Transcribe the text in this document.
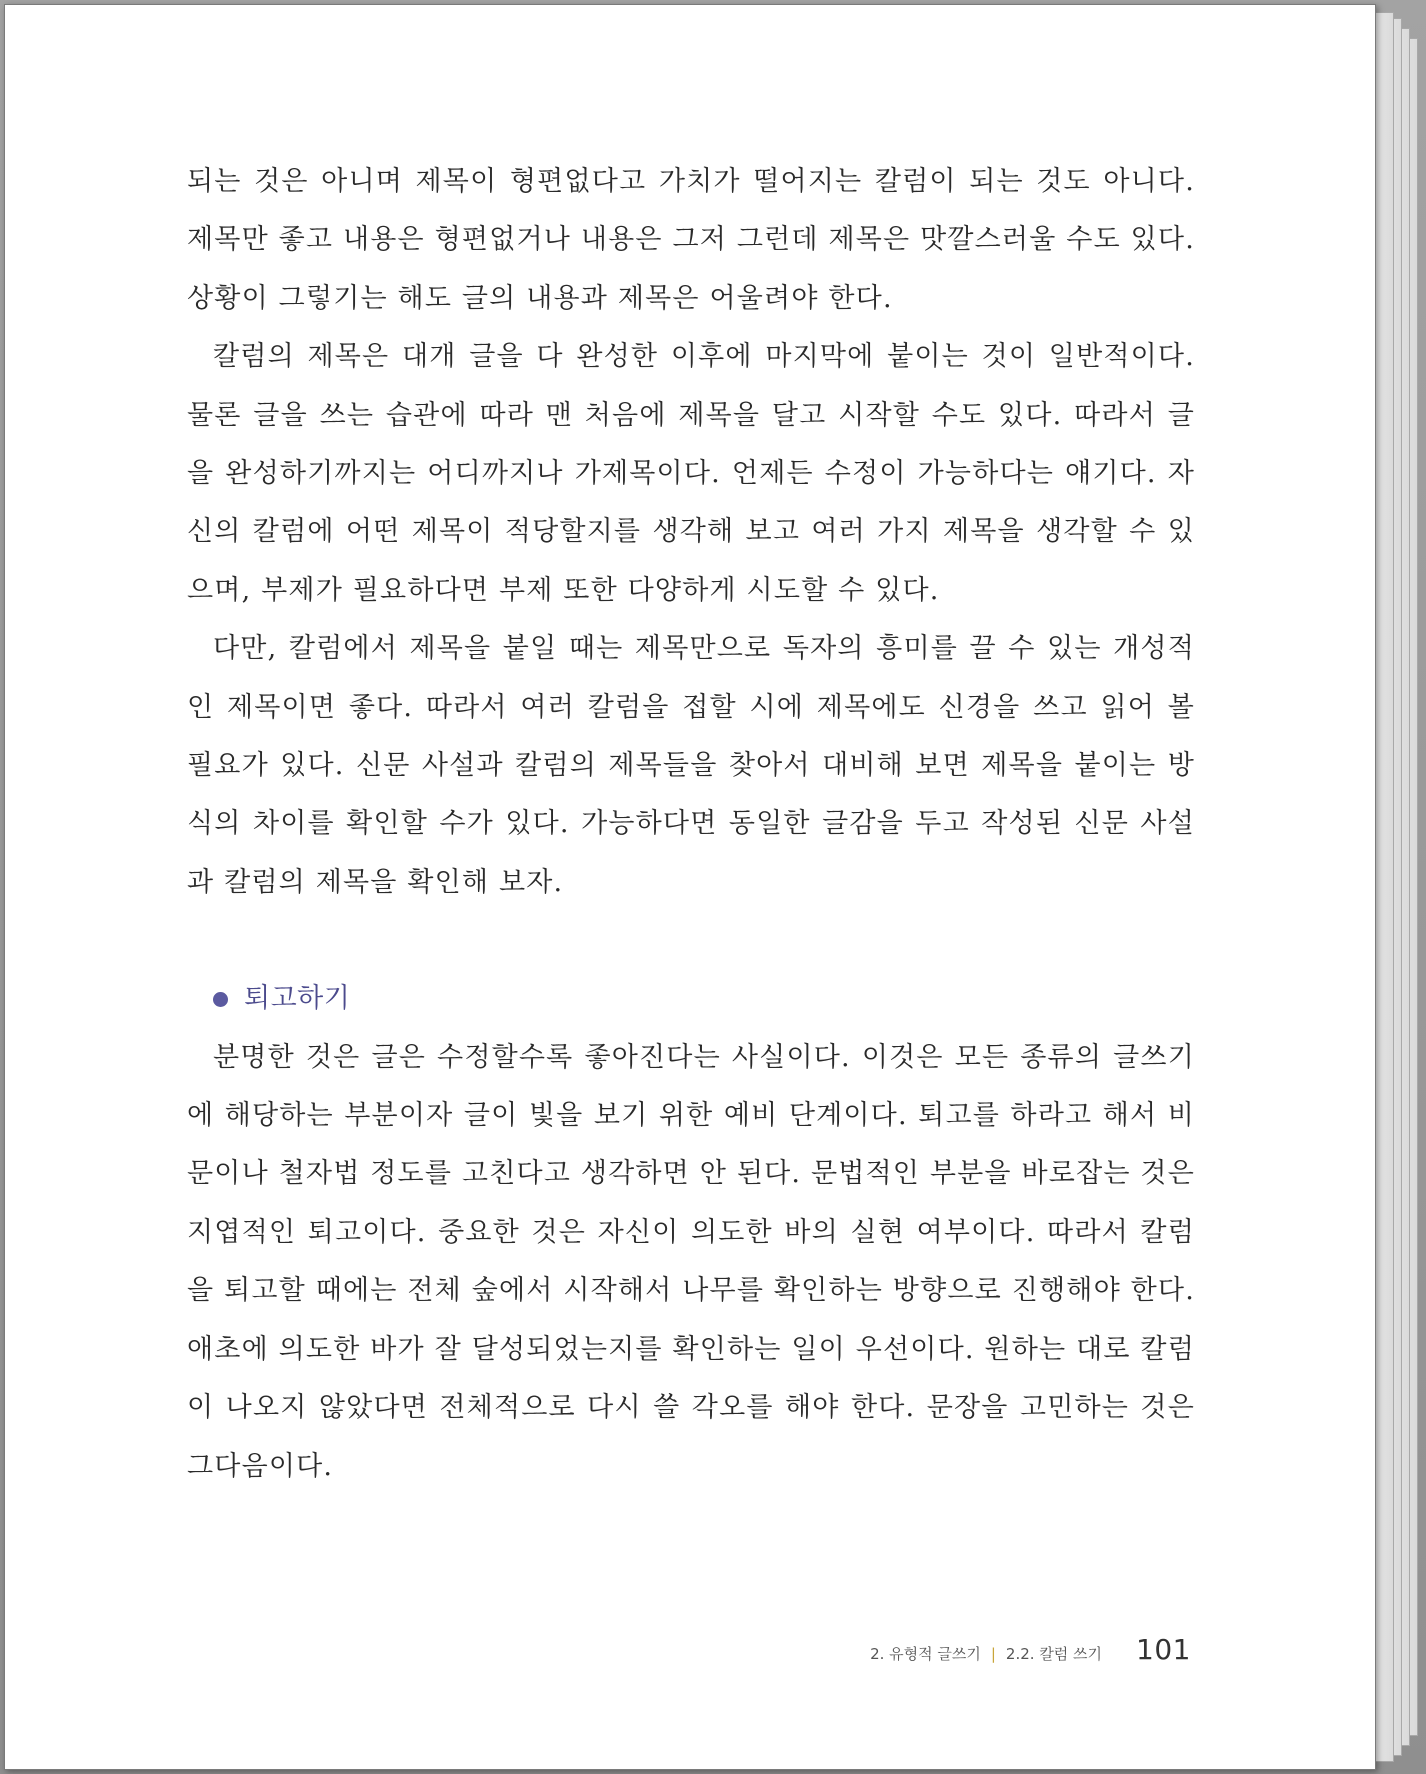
되는 것은 아니며 제목이 형편없다고 가치가 떨어지는 칼럼이 되는 것도 아니다. 제목만 좋고 내용은 형편없거나 내용은 그저 그런데 제목은 맛깔스러울 수도 있다. 상황이 그렇기는 해도 글의 내용과 제목은 어울려야 한다.

칼럼의 제목은 대개 글을 다 완성한 이후에 마지막에 붙이는 것이 일반적이다. 물론 글을 쓰는 습관에 따라 맨 처음에 제목을 달고 시작할 수도 있다. 따라서 글을 완성하기까지는 어디까지나 가제목이다. 언제든 수정이 가능하다는 얘기다. 자신의 칼럼에 어떤 제목이 적당할지를 생각해 보고 여러 가지 제목을 생각할 수 있으며, 부제가 필요하다면 부제 또한 다양하게 시도할 수 있다.

다만, 칼럼에서 제목을 붙일 때는 제목만으로 독자의 흥미를 끌 수 있는 개성적인 제목이면 좋다. 따라서 여러 칼럼을 접할 시에 제목에도 신경을 쓰고 읽어 볼 필요가 있다. 신문 사설과 칼럼의 제목들을 찾아서 대비해 보면 제목을 붙이는 방식의 차이를 확인할 수가 있다. 가능하다면 동일한 글감을 두고 작성된 신문 사설과 칼럼의 제목을 확인해 보자.

퇴고하기

분명한 것은 글은 수정할수록 좋아진다는 사실이다. 이것은 모든 종류의 글쓰기에 해당하는 부분이자 글이 빛을 보기 위한 예비 단계이다. 퇴고를 하라고 해서 비문이나 철자법 정도를 고친다고 생각하면 안 된다. 문법적인 부분을 바로잡는 것은 지엽적인 퇴고이다. 중요한 것은 자신이 의도한 바의 실현 여부이다. 따라서 칼럼을 퇴고할 때에는 전체 숲에서 시작해서 나무를 확인하는 방향으로 진행해야 한다. 애초에 의도한 바가 잘 달성되었는지를 확인하는 일이 우선이다. 원하는 대로 칼럼이 나오지 않았다면 전체적으로 다시 쓸 각오를 해야 한다. 문장을 고민하는 것은 그다음이다.

2. 유형적 글쓰기 | 2.2. 칼럼 쓰기 101
